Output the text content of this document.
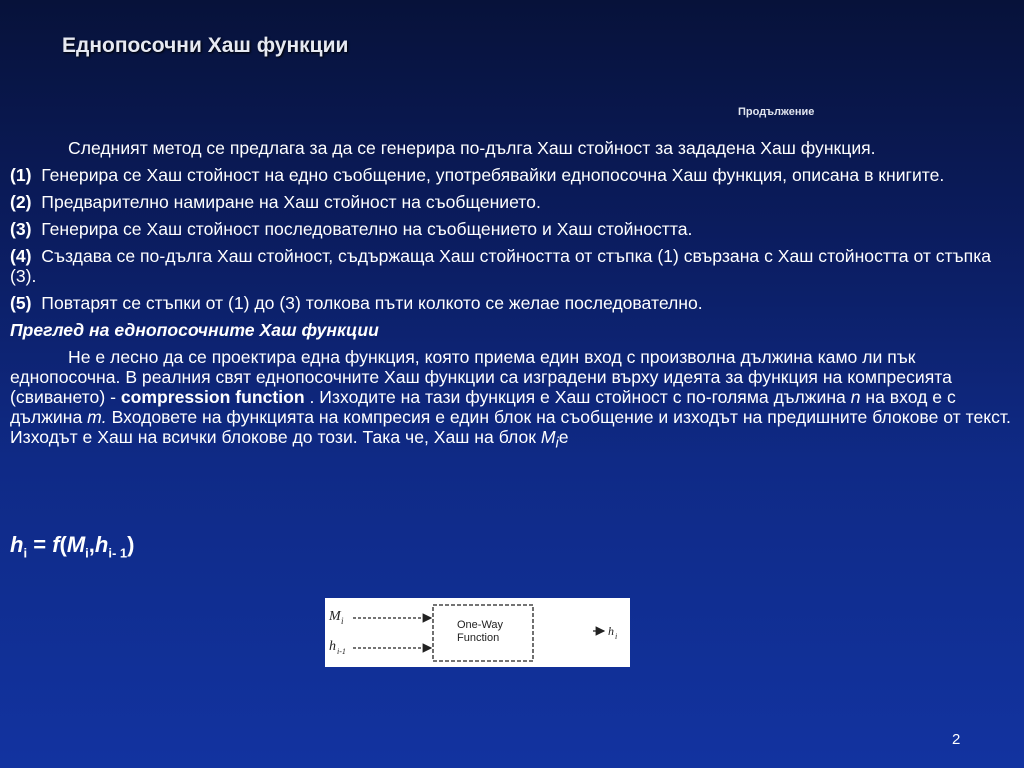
Еднопосочни Хаш функции
Продължение

Следният метод се предлага за да се генерира по-дълга Хаш стойност за зададена Хаш функция.

(1) Генерира се Хаш стойност на едно съобщение, употребявайки еднопосочна Хаш функция, описана в книгите.

(2) Предварително намиране на Хаш стойност на съобщението.

(3) Генерира се Хаш стойност последователно на съобщението и Хаш стойността.

(4) Създава се по-дълга Хаш стойност, съдържаща Хаш стойността от стъпка (1) свързана с Хаш стойността от стъпка (3).

(5) Повтарят се стъпки от (1) до (3) толкова пъти колкото се желае последователно.

Преглед на еднопосочните Хаш функции

Не е лесно да се проектира една функция, която приема един вход с произволна дължина камо ли пък еднопосочна. В реалния свят еднопосочните Хаш функции са изградени върху идеята за функция на компресията (свиването) - compression function . Изходите на тази функция е Хаш стойност с по-голяма дължина n на вход е с дължина m. Входовете на функцията на компресия е един блок на съобщение и изходът на предишните блокове от текст. Изходът е Хаш на всички блокове до този. Така че, Хаш на блок $M_iе$

$h_i = f(M_i,h_{i- 1})$
M i
h i-1
One-Way
Function	h i
2
